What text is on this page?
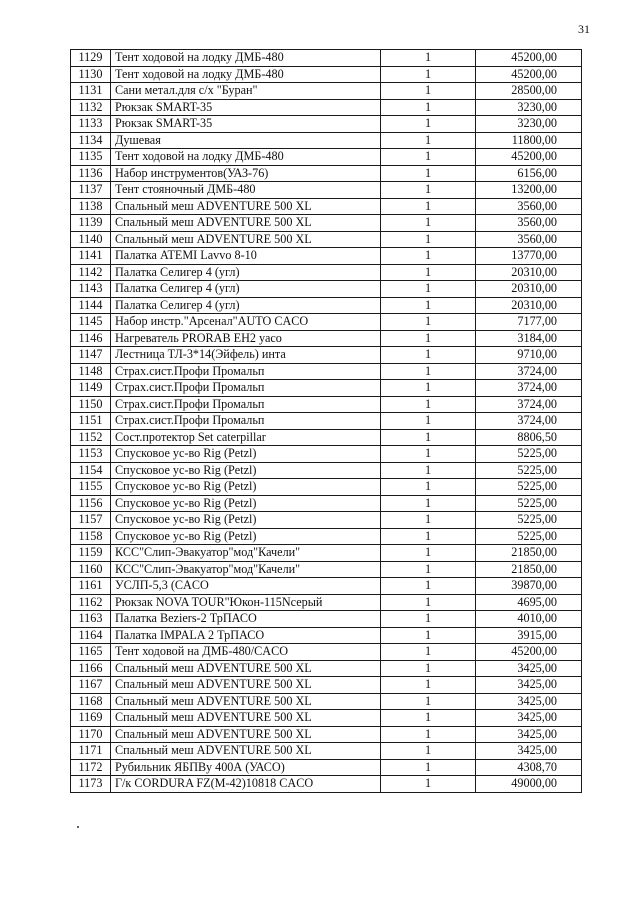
31
1129	Тент ходовой на лодку ДМБ-480	1	45200,00
1130	Тент ходовой на лодку ДМБ-480	1	45200,00
1131	Сани метал.для с/х "Буран"	1	28500,00
1132	Рюкзак SMART-35	1	3230,00
1133	Рюкзак SMART-35	1	3230,00
1134	Душевая	1	11800,00
1135	Тент ходовой на лодку ДМБ-480	1	45200,00
1136	Набор инструментов(УАЗ-76)	1	6156,00
1137	Тент стояночный ДМБ-480	1	13200,00
1138	Спальный меш ADVENTURE 500 XL	1	3560,00
1139	Спальный меш ADVENTURE 500 XL	1	3560,00
1140	Спальный меш ADVENTURE 500 XL	1	3560,00
1141	Палатка ATEMI Lavvo 8-10	1	13770,00
1142	Палатка Селигер 4 (угл)	1	20310,00
1143	Палатка Селигер 4 (угл)	1	20310,00
1144	Палатка Селигер 4 (угл)	1	20310,00
1145	Набор инстр."Арсенал"AUTO CACO	1	7177,00
1146	Нагреватель PRORAB EH2 уасо	1	3184,00
1147	Лестница ТЛ-3*14(Эйфель) инта	1	9710,00
1148	Страх.сист.Профи Промальп	1	3724,00
1149	Страх.сист.Профи Промальп	1	3724,00
1150	Страх.сист.Профи Промальп	1	3724,00
1151	Страх.сист.Профи Промальп	1	3724,00
1152	Сост.протектор Set caterpillar	1	8806,50
1153	Спусковое ус-во Rig (Petzl)	1	5225,00
1154	Спусковое ус-во Rig (Petzl)	1	5225,00
1155	Спусковое ус-во Rig (Petzl)	1	5225,00
1156	Спусковое ус-во Rig (Petzl)	1	5225,00
1157	Спусковое ус-во Rig (Petzl)	1	5225,00
1158	Спусковое ус-во Rig (Petzl)	1	5225,00
1159	КСС"Слип-Эвакуатор"мод"Качели"	1	21850,00
1160	КСС"Слип-Эвакуатор"мод"Качели"	1	21850,00
1161	УСЛП-5,3 (CACO	1	39870,00
1162	Рюкзак NOVA TOUR"Юкон-115Nсерый	1	4695,00
1163	Палатка Beziers-2 ТрПАСО	1	4010,00
1164	Палатка IMPALA 2 ТрПАСО	1	3915,00
1165	Тент ходовой на ДМБ-480/CACO	1	45200,00
1166	Спальный меш ADVENTURE 500 XL	1	3425,00
1167	Спальный меш ADVENTURE 500 XL	1	3425,00
1168	Спальный меш ADVENTURE 500 XL	1	3425,00
1169	Спальный меш ADVENTURE 500 XL	1	3425,00
1170	Спальный меш ADVENTURE 500 XL	1	3425,00
1171	Спальный меш ADVENTURE 500 XL	1	3425,00
1172	Рубильник ЯБПВу 400А (УАСО)	1	4308,70
1173	Г/к CORDURA FZ(M-42)10818 CACO	1	49000,00
